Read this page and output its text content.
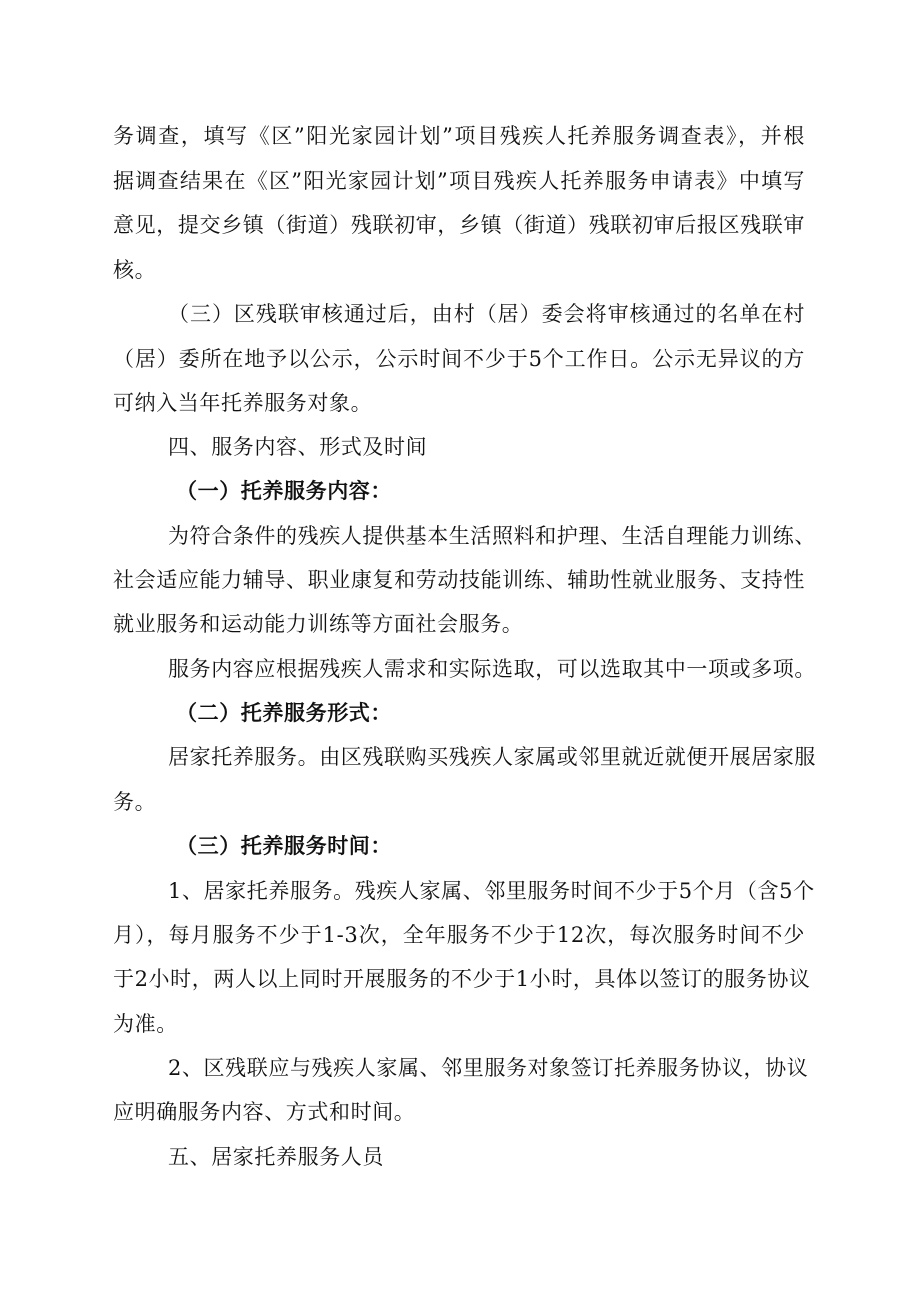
务调查，填写《区”阳光家园计划”项目残疾人托养服务调查表》，并根
据调查结果在《区”阳光家园计划”项目残疾人托养服务申请表》中填写
意见，提交乡镇（街道）残联初审，乡镇（街道）残联初审后报区残联审
核。
（三）区残联审核通过后，由村（居）委会将审核通过的名单在村
（居）委所在地予以公示，公示时间不少于5个工作日。公示无异议的方
可纳入当年托养服务对象。
四、服务内容、形式及时间
（一）托养服务内容：
为符合条件的残疾人提供基本生活照料和护理、生活自理能力训练、
社会适应能力辅导、职业康复和劳动技能训练、辅助性就业服务、支持性
就业服务和运动能力训练等方面社会服务。
服务内容应根据残疾人需求和实际选取，可以选取其中一项或多项。
（二）托养服务形式：
居家托养服务。由区残联购买残疾人家属或邻里就近就便开展居家服
务。
（三）托养服务时间：
1、居家托养服务。残疾人家属、邻里服务时间不少于5个月（含5个
月），每月服务不少于1-3次，全年服务不少于12次，每次服务时间不少
于2小时，两人以上同时开展服务的不少于1小时，具体以签订的服务协议
为准。
2、区残联应与残疾人家属、邻里服务对象签订托养服务协议，协议
应明确服务内容、方式和时间。
五、居家托养服务人员
